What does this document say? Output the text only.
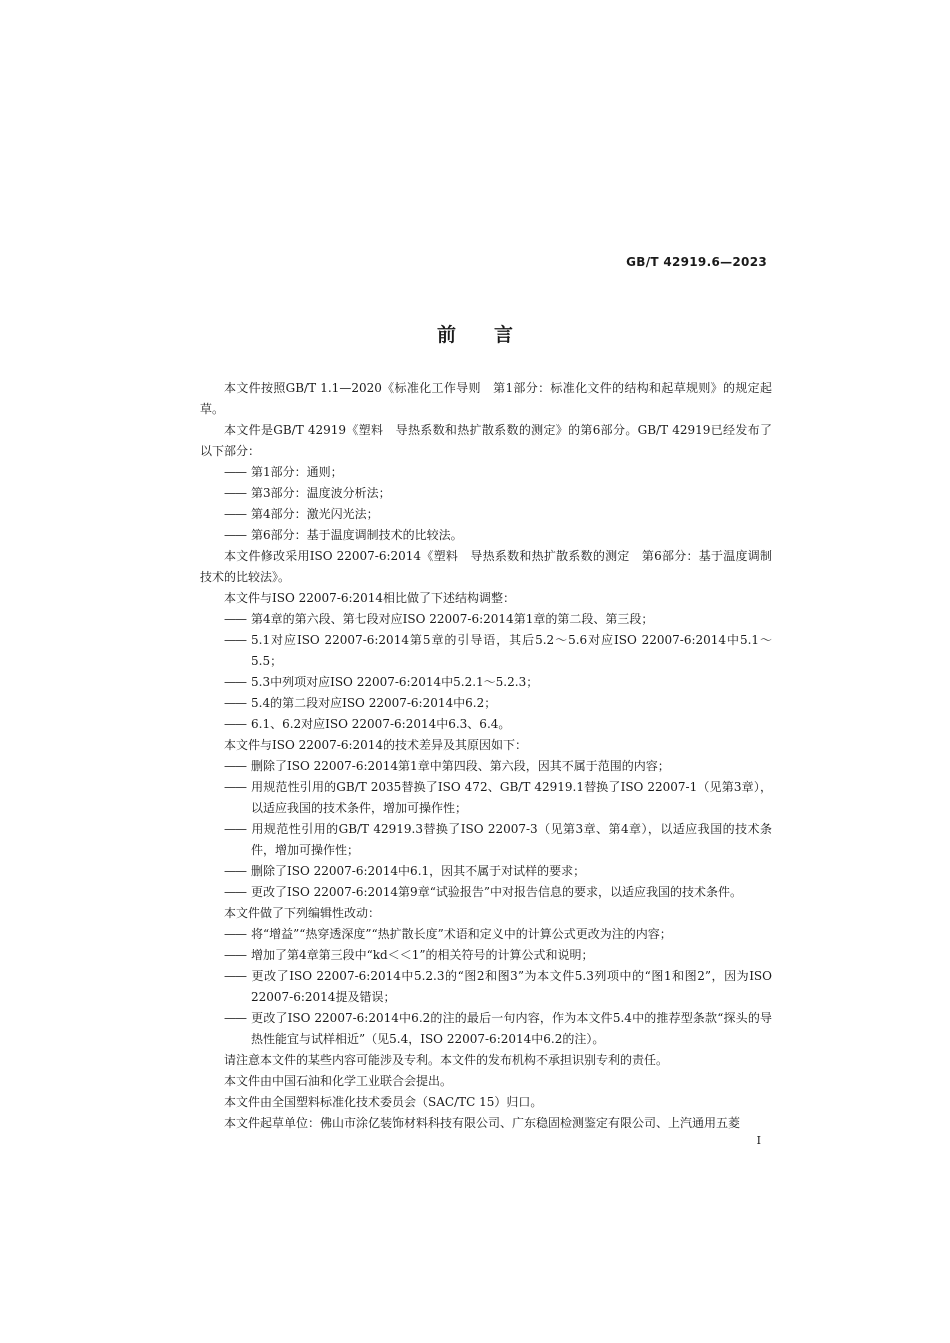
GB/T 42919.6—2023
前言

本文件按照GB/T 1.1—2020《标准化工作导则　第1部分：标准化文件的结构和起草规则》的规定起草。

本文件是GB/T 42919《塑料　导热系数和热扩散系数的测定》的第6部分。GB/T 42919已经发布了以下部分：

—— 第1部分：通则；

—— 第3部分：温度波分析法；

—— 第4部分：激光闪光法；

—— 第6部分：基于温度调制技术的比较法。

本文件修改采用ISO 22007-6:2014《塑料　导热系数和热扩散系数的测定　第6部分：基于温度调制技术的比较法》。

本文件与ISO 22007-6:2014相比做了下述结构调整：

—— 第4章的第六段、第七段对应ISO 22007-6:2014第1章的第二段、第三段；

—— 5.1对应ISO 22007-6:2014第5章的引导语，其后5.2～5.6对应ISO 22007-6:2014中5.1～5.5；

—— 5.3中列项对应ISO 22007-6:2014中5.2.1～5.2.3；

—— 5.4的第二段对应ISO 22007-6:2014中6.2；

—— 6.1、6.2对应ISO 22007-6:2014中6.3、6.4。

本文件与ISO 22007-6:2014的技术差异及其原因如下：

—— 删除了ISO 22007-6:2014第1章中第四段、第六段，因其不属于范围的内容；

—— 用规范性引用的GB/T 2035替换了ISO 472、GB/T 42919.1替换了ISO 22007-1（见第3章），以适应我国的技术条件，增加可操作性；

—— 用规范性引用的GB/T 42919.3替换了ISO 22007-3（见第3章、第4章），以适应我国的技术条件，增加可操作性；

—— 删除了ISO 22007-6:2014中6.1，因其不属于对试样的要求；

—— 更改了ISO 22007-6:2014第9章“试验报告”中对报告信息的要求，以适应我国的技术条件。

本文件做了下列编辑性改动：

—— 将“增益”“热穿透深度”“热扩散长度”术语和定义中的计算公式更改为注的内容；

—— 增加了第4章第三段中“kd＜＜1”的相关符号的计算公式和说明；

—— 更改了ISO 22007-6:2014中5.2.3的“图2和图3”为本文件5.3列项中的“图1和图2”，因为ISO 22007-6:2014提及错误；

—— 更改了ISO 22007-6:2014中6.2的注的最后一句内容，作为本文件5.4中的推荐型条款“探头的导热性能宜与试样相近”（见5.4，ISO 22007-6:2014中6.2的注）。

请注意本文件的某些内容可能涉及专利。本文件的发布机构不承担识别专利的责任。

本文件由中国石油和化学工业联合会提出。

本文件由全国塑料标准化技术委员会（SAC/TC 15）归口。

本文件起草单位：佛山市涂亿装饰材料科技有限公司、广东稳固检测鉴定有限公司、上汽通用五菱

I
